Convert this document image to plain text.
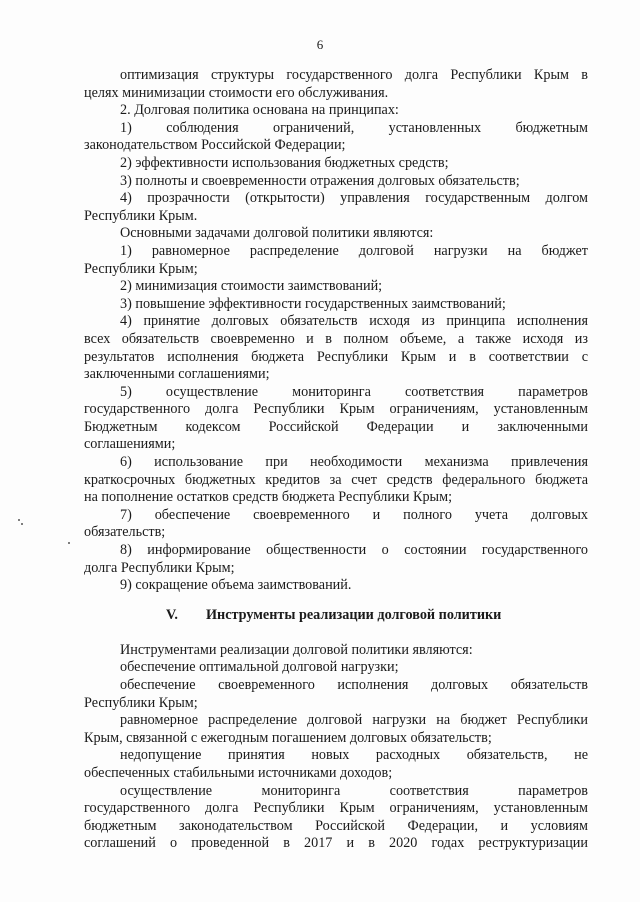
6
оптимизация структуры государственного долга Республики Крым в
целях минимизации стоимости его обслуживания.
2. Долговая политика основана на принципах:
1) соблюдения ограничений, установленных бюджетным
законодательством Российской Федерации;
2) эффективности использования бюджетных средств;
3) полноты и своевременности отражения долговых обязательств;
4) прозрачности (открытости) управления государственным долгом
Республики Крым.
Основными задачами долговой политики являются:
1) равномерное распределение долговой нагрузки на бюджет
Республики Крым;
2) минимизация стоимости заимствований;
3) повышение эффективности государственных заимствований;
4) принятие долговых обязательств исходя из принципа исполнения
всех обязательств своевременно и в полном объеме, а также исходя из
результатов исполнения бюджета Республики Крым и в соответствии с
заключенными соглашениями;
5) осуществление мониторинга соответствия параметров
государственного долга Республики Крым ограничениям, установленным
Бюджетным кодексом Российской Федерации и заключенными
соглашениями;
6) использование при необходимости механизма привлечения
краткосрочных бюджетных кредитов за счет средств федерального бюджета
на пополнение остатков средств бюджета Республики Крым;
7) обеспечение своевременного и полного учета долговых
обязательств;
8) информирование общественности о состоянии государственного
долга Республики Крым;
9) сокращение объема заимствований.
V. Инструменты реализации долговой политики
Инструментами реализации долговой политики являются:
обеспечение оптимальной долговой нагрузки;
обеспечение своевременного исполнения долговых обязательств
Республики Крым;
равномерное распределение долговой нагрузки на бюджет Республики
Крым, связанной с ежегодным погашением долговых обязательств;
недопущение принятия новых расходных обязательств, не
обеспеченных стабильными источниками доходов;
осуществление мониторинга соответствия параметров
государственного долга Республики Крым ограничениям, установленным
бюджетным законодательством Российской Федерации, и условиям
соглашений о проведенной в 2017 и в 2020 годах реструктуризации
